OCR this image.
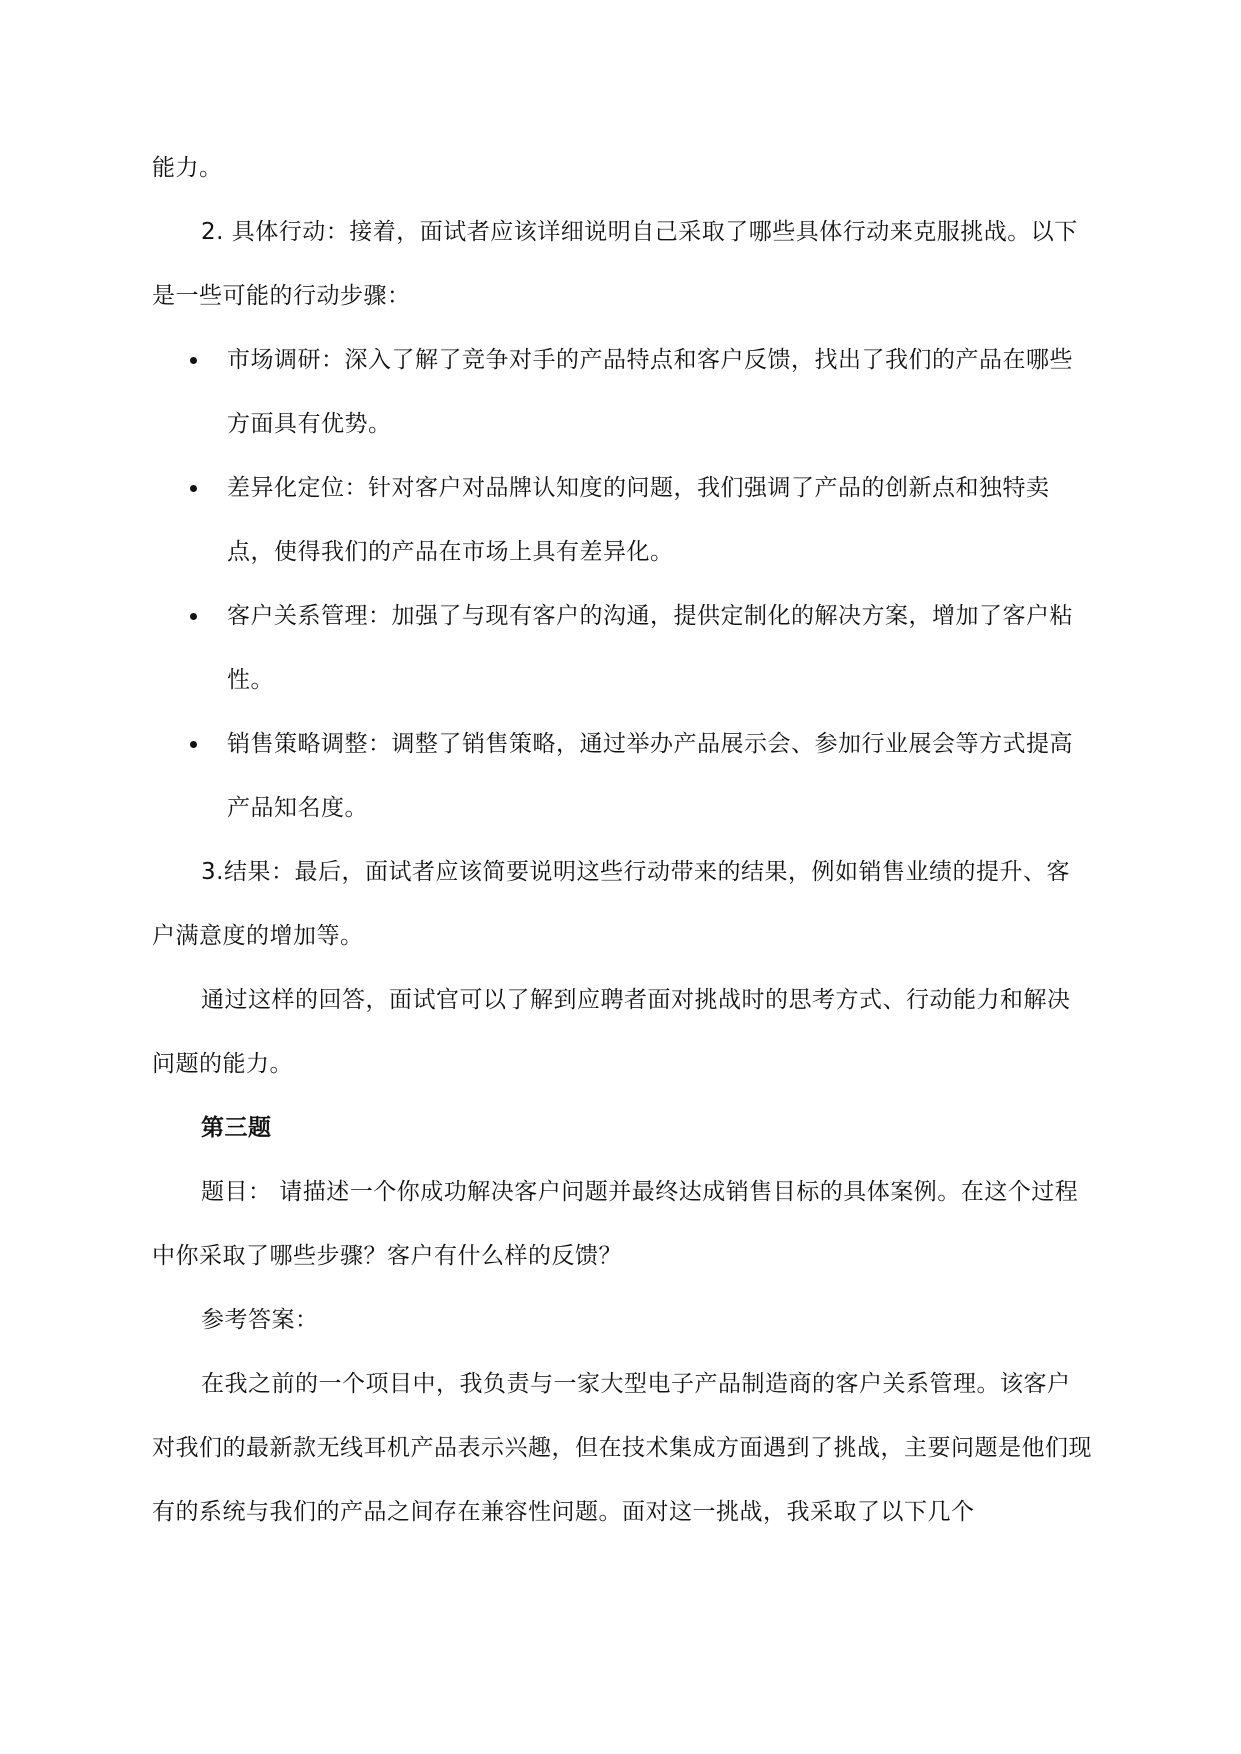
能力。

2. 具体行动：接着，面试者应该详细说明自己采取了哪些具体行动来克服挑战。以下是一些可能的行动步骤：

市场调研：深入了解了竞争对手的产品特点和客户反馈，找出了我们的产品在哪些方面具有优势。
差异化定位：针对客户对品牌认知度的问题，我们强调了产品的创新点和独特卖点，使得我们的产品在市场上具有差异化。
客户关系管理：加强了与现有客户的沟通，提供定制化的解决方案，增加了客户粘性。
销售策略调整：调整了销售策略，通过举办产品展示会、参加行业展会等方式提高产品知名度。

3.结果：最后，面试者应该简要说明这些行动带来的结果，例如销售业绩的提升、客户满意度的增加等。

通过这样的回答，面试官可以了解到应聘者面对挑战时的思考方式、行动能力和解决问题的能力。

第三题

题目： 请描述一个你成功解决客户问题并最终达成销售目标的具体案例。在这个过程中你采取了哪些步骤？客户有什么样的反馈？

参考答案：

在我之前的一个项目中，我负责与一家大型电子产品制造商的客户关系管理。该客户对我们的最新款无线耳机产品表示兴趣，但在技术集成方面遇到了挑战，主要问题是他们现有的系统与我们的产品之间存在兼容性问题。面对这一挑战，我采取了以下几个
